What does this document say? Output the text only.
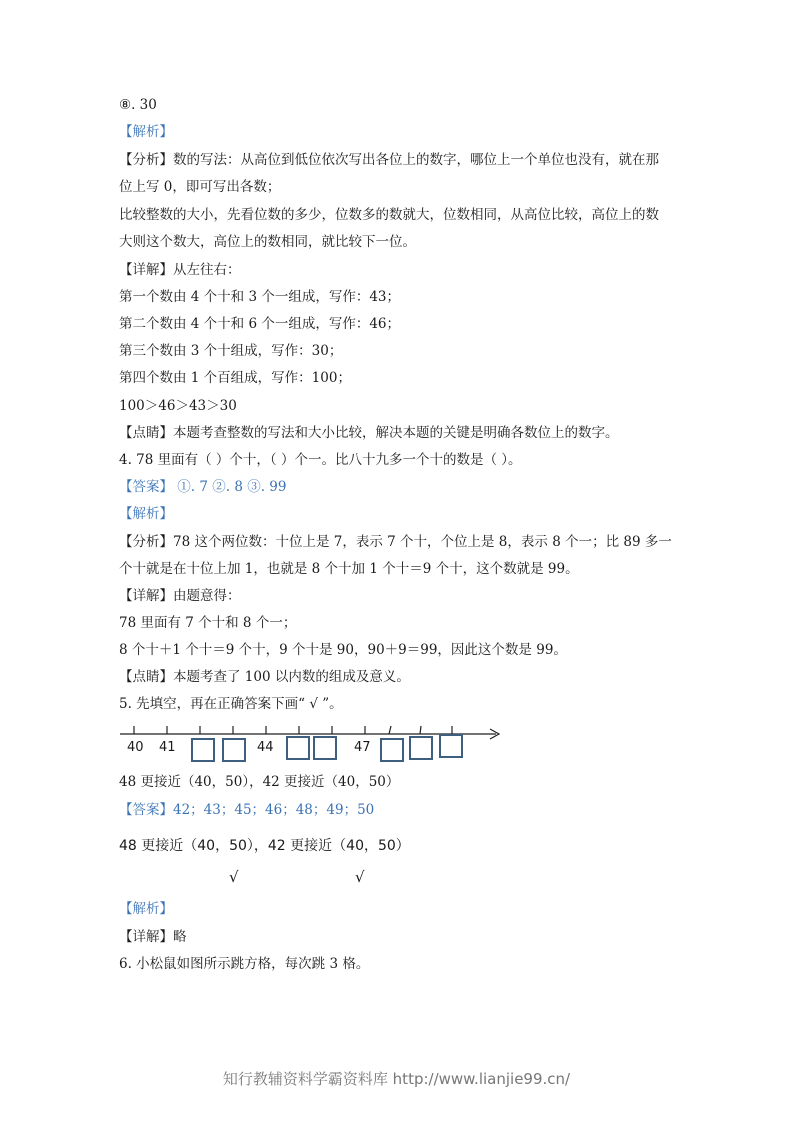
⑧. 30
【解析】
【分析】数的写法：从高位到低位依次写出各位上的数字，哪位上一个单位也没有，就在那
位上写 0，即可写出各数；
比较整数的大小，先看位数的多少，位数多的数就大，位数相同，从高位比较，高位上的数
大则这个数大，高位上的数相同，就比较下一位。
【详解】从左往右：
第一个数由 4 个十和 3 个一组成，写作：43；
第二个数由 4 个十和 6 个一组成，写作：46；
第三个数由 3 个十组成，写作：30；
第四个数由 1 个百组成，写作：100；
100＞46＞43＞30
【点睛】本题考查整数的写法和大小比较，解决本题的关键是明确各数位上的数字。
4. 78 里面有（ ）个十，（ ）个一。比八十九多一个十的数是（ ）。
【答案】 ①. 7 ②. 8 ③. 99
【解析】
【分析】78 这个两位数：十位上是 7，表示 7 个十，个位上是 8，表示 8 个一；比 89 多一
个十就是在十位上加 1，也就是 8 个十加 1 个十＝9 个十，这个数就是 99。
【详解】由题意得：
78 里面有 7 个十和 8 个一；
8 个十＋1 个十＝9 个十，9 个十是 90，90＋9＝99，因此这个数是 99。
【点睛】本题考查了 100 以内数的组成及意义。
5. 先填空，再在正确答案下画“ √ ”。
40 41	44	47
48 更接近（40，50），42 更接近（40，50）
【答案】42；43；45；46；48；49；50
48 更接近（40，50），42 更接近（40，50）
√	√
【解析】
【详解】略
6. 小松鼠如图所示跳方格，每次跳 3 格。
知行教辅资料学霸资料库 http://www.lianjie99.cn/
